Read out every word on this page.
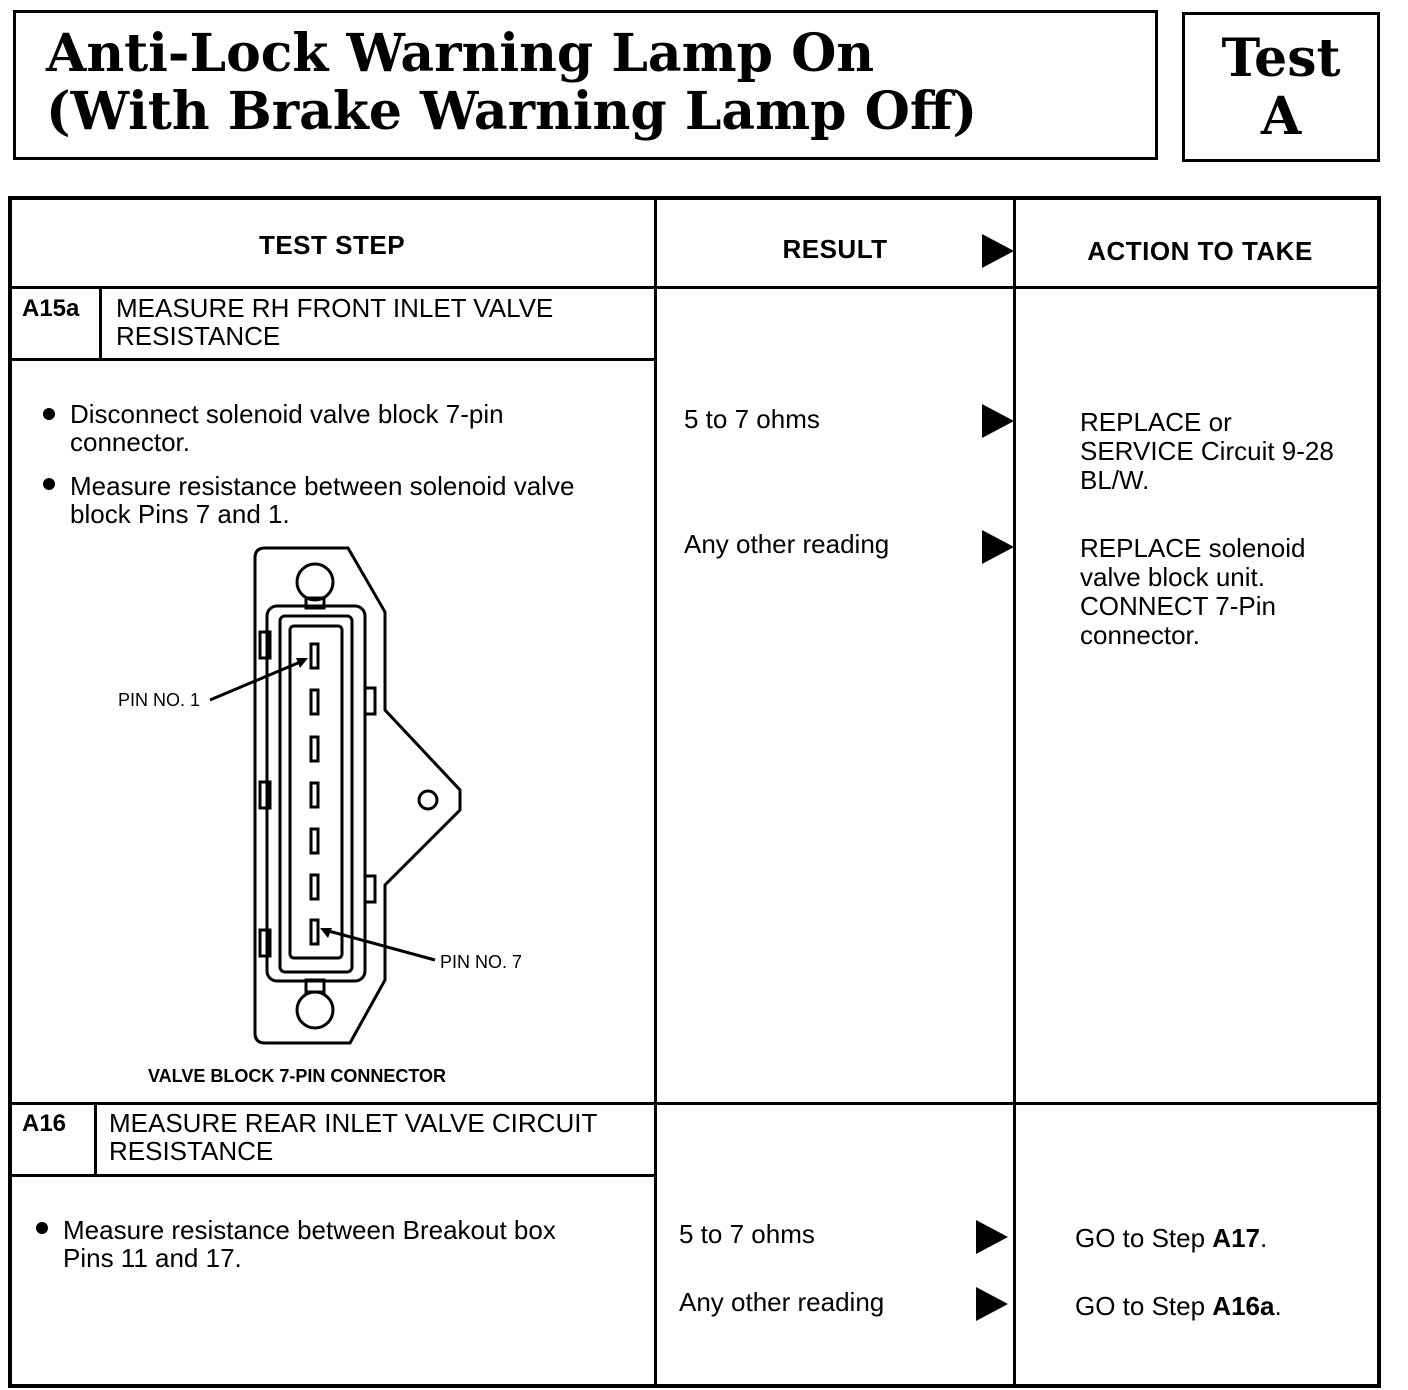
Anti-Lock Warning Lamp On
(With Brake Warning Lamp Off)
Test
A
TEST STEP	RESULT	ACTION TO TAKE
A15a MEASURE RH FRONT INLET VALVE
RESISTANCE
Disconnect solenoid valve block 7-pin
connector.
Measure resistance between solenoid valve
block Pins 7 and 1.
PIN NO. 1
PIN NO. 7
VALVE BLOCK 7-PIN CONNECTOR
5 to 7 ohms	REPLACE or
SERVICE Circuit 9-28
BL/W.
Any other reading	REPLACE solenoid
valve block unit.
CONNECT 7-Pin
connector.
A16 MEASURE REAR INLET VALVE CIRCUIT
RESISTANCE
Measure resistance between Breakout box
Pins 11 and 17.
5 to 7 ohms	GO to Step A17.
Any other reading	GO to Step A16a.
